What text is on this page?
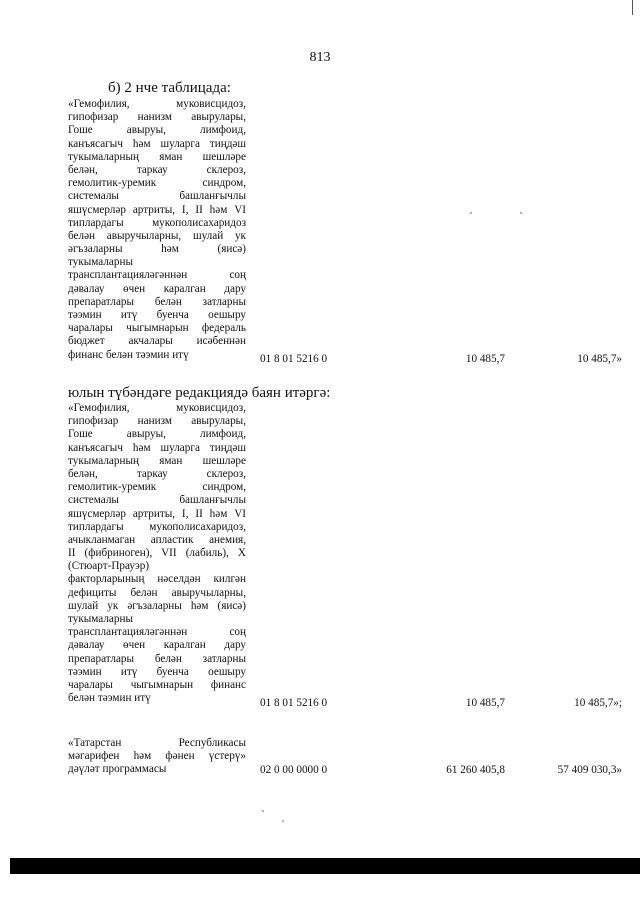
813
б) 2 нче таблицада:
«Гемофилия, муковисцидоз,
гипофизар нанизм авырулары,
Гоше авыруы, лимфоид,
канъясагыч һәм шуларга тиңдәш
тукымаларның яман шешләре
белән, таркау склероз,
гемолитик-уремик синдром,
системалы башланғычлы
яшүсмерләр артриты, I, II һәм VI
типлардагы мукополисахаридоз
белән авыручыларны, шулай ук
әгъзаларны һәм (яисә)
тукымаларны
трансплантацияләгәннән соң
дәвалау өчен каралган дару
препаратлары белән затларны
тәэмин итү буенча оешыру
чаралары чыгымнарын федераль
бюджет акчалары исәбеннән
финанс белән тәэмин итү	01 8 01 5216 0	10 485,7	10 485,7»
юлын түбәндәге редакциядә баян итәргә:
«Гемофилия, муковисцидоз,
гипофизар нанизм авырулары,
Гоше авыруы, лимфоид,
канъясагыч һәм шуларга тиңдәш
тукымаларның яман шешләре
белән, таркау склероз,
гемолитик-уремик синдром,
системалы башланғычлы
яшүсмерләр артриты, I, II һәм VI
типлардагы мукополисахаридоз,
ачыкланмаган апластик анемия,
II (фибриноген), VII (лабиль), X
(Стюарт-Прауэр)
факторларының нәселдән килгән
дефициты белән авыручыларны,
шулай ук әгъзаларны һәм (яисә)
тукымаларны
трансплантацияләгәннән соң
дәвалау өчен каралган дару
препаратлары белән затларны
тәэмин итү буенча оешыру
чаралары чыгымнарын финанс
белән тәэмин итү	01 8 01 5216 0	10 485,7	10 485,7»;
«Татарстан Республикасы
мәгарифен һәм фәнен үстерү»
дәүләт программасы	02 0 00 0000 0	61 260 405,8	57 409 030,3»
